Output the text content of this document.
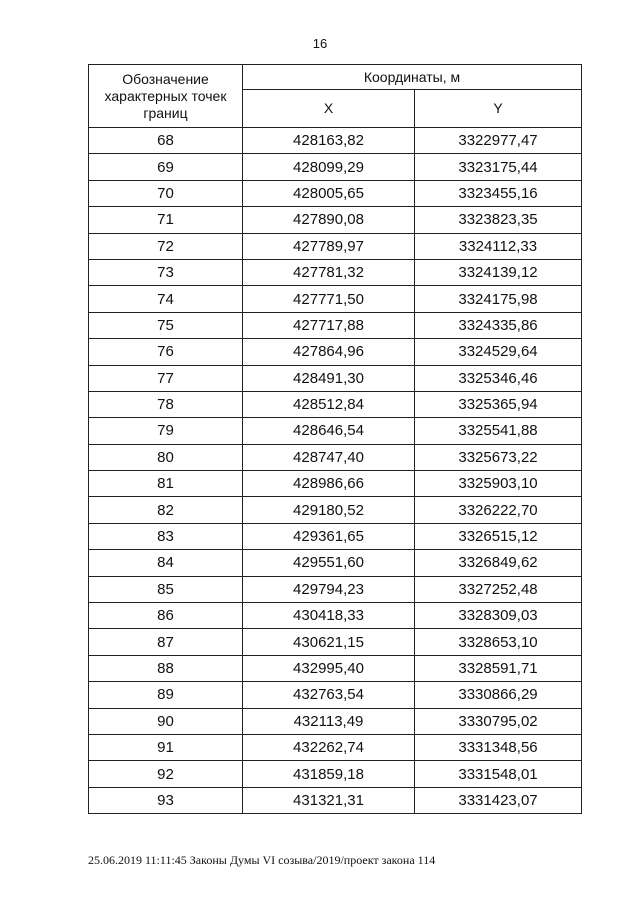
16
Обозначение характерных точек границ	Координаты, м	
	X	Y
68	428163,82	3322977,47
69	428099,29	3323175,44
70	428005,65	3323455,16
71	427890,08	3323823,35
72	427789,97	3324112,33
73	427781,32	3324139,12
74	427771,50	3324175,98
75	427717,88	3324335,86
76	427864,96	3324529,64
77	428491,30	3325346,46
78	428512,84	3325365,94
79	428646,54	3325541,88
80	428747,40	3325673,22
81	428986,66	3325903,10
82	429180,52	3326222,70
83	429361,65	3326515,12
84	429551,60	3326849,62
85	429794,23	3327252,48
86	430418,33	3328309,03
87	430621,15	3328653,10
88	432995,40	3328591,71
89	432763,54	3330866,29
90	432113,49	3330795,02
91	432262,74	3331348,56
92	431859,18	3331548,01
93	431321,31	3331423,07
25.06.2019 11:11:45 Законы Думы VI созыва/2019/проект закона 114
